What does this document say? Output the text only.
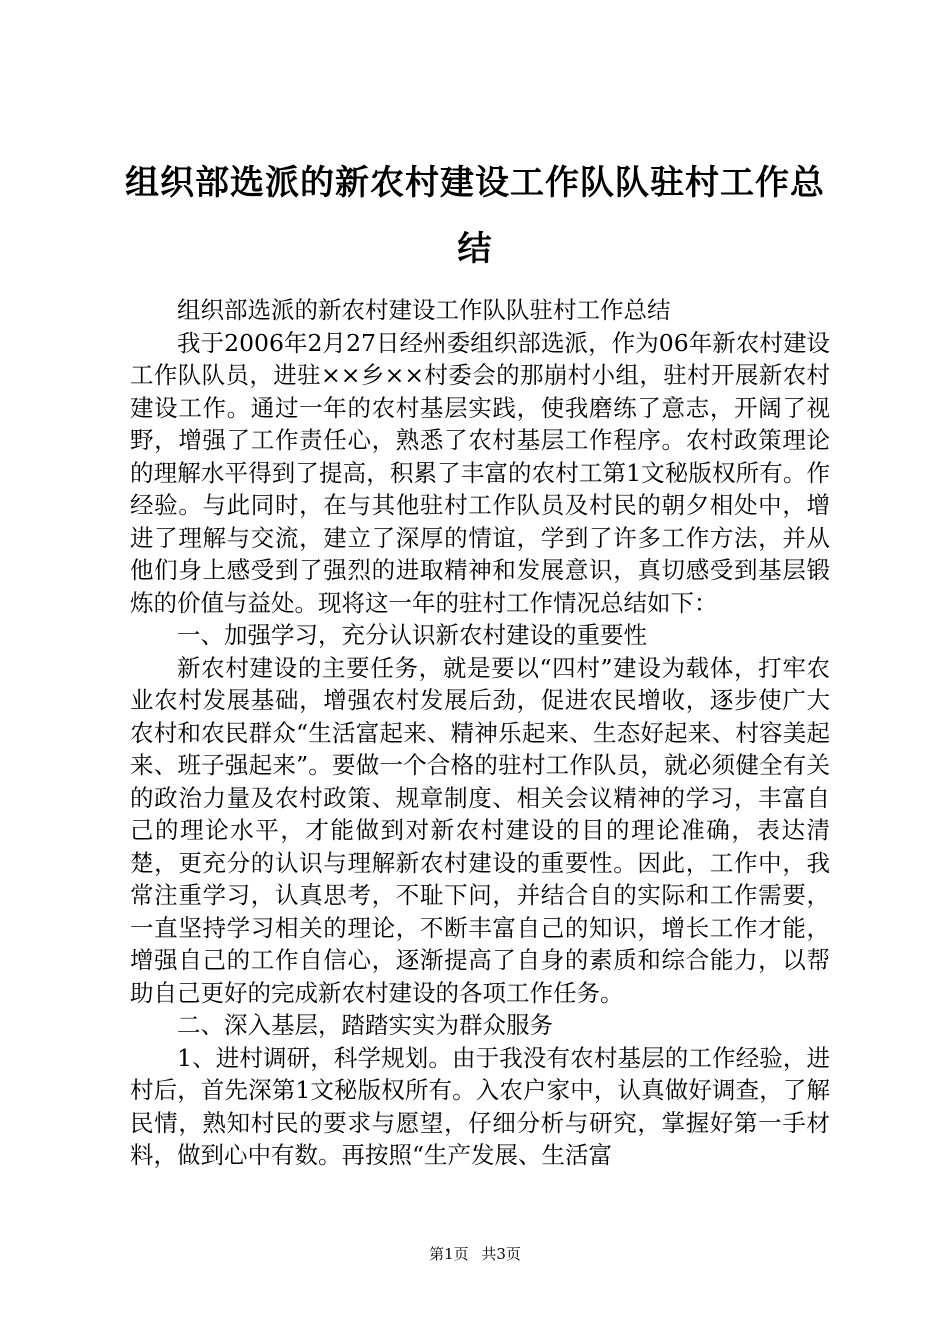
组织部选派的新农村建设工作队队驻村工作总结

组织部选派的新农村建设工作队队驻村工作总结

我于2006年2月27日经州委组织部选派，作为06年新农村建设工作队队员，进驻××乡××村委会的那崩村小组，驻村开展新农村建设工作。通过一年的农村基层实践，使我磨练了意志，开阔了视野，增强了工作责任心，熟悉了农村基层工作程序。农村政策理论的理解水平得到了提高，积累了丰富的农村工第1文秘版权所有。作经验。与此同时，在与其他驻村工作队员及村民的朝夕相处中，增进了理解与交流，建立了深厚的情谊，学到了许多工作方法，并从他们身上感受到了强烈的进取精神和发展意识，真切感受到基层锻炼的价值与益处。现将这一年的驻村工作情况总结如下：

一、加强学习，充分认识新农村建设的重要性

新农村建设的主要任务，就是要以“四村”建设为载体，打牢农业农村发展基础，增强农村发展后劲，促进农民增收，逐步使广大农村和农民群众“生活富起来、精神乐起来、生态好起来、村容美起来、班子强起来”。要做一个合格的驻村工作队员，就必须健全有关的政治力量及农村政策、规章制度、相关会议精神的学习，丰富自己的理论水平，才能做到对新农村建设的目的理论准确，表达清楚，更充分的认识与理解新农村建设的重要性。因此，工作中，我常注重学习，认真思考，不耻下问，并结合自的实际和工作需要，一直坚持学习相关的理论，不断丰富自己的知识，增长工作才能，增强自己的工作自信心，逐渐提高了自身的素质和综合能力，以帮助自己更好的完成新农村建设的各项工作任务。

二、深入基层，踏踏实实为群众服务

1、进村调研，科学规划。由于我没有农村基层的工作经验，进村后，首先深第1文秘版权所有。入农户家中，认真做好调查，了解民情，熟知村民的要求与愿望，仔细分析与研究，掌握好第一手材料，做到心中有数。再按照“生产发展、生活富

第1页 共3页
